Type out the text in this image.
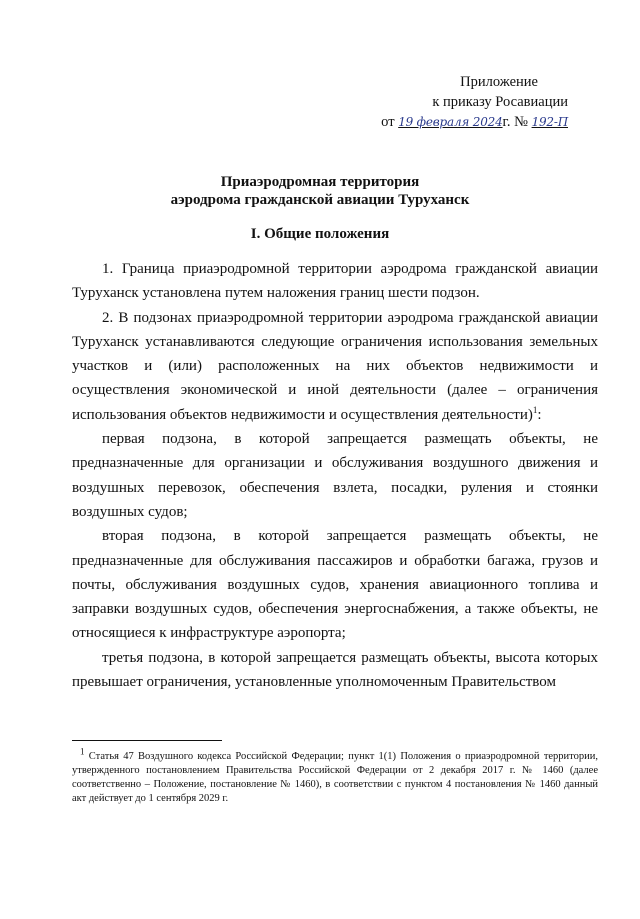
Приложение
к приказу Росавиации
от 19 февраля 2024г. № 192-П
Приаэродромная территория
аэродрома гражданской авиации Туруханск
I. Общие положения

1. Граница приаэродромной территории аэродрома гражданской авиации Туруханск установлена путем наложения границ шести подзон.

2. В подзонах приаэродромной территории аэродрома гражданской авиации Туруханск устанавливаются следующие ограничения использования земельных участков и (или) расположенных на них объектов недвижимости и осуществления экономической и иной деятельности (далее – ограничения использования объектов недвижимости и осуществления деятельности)$^1$:

первая подзона, в которой запрещается размещать объекты, не предназначенные для организации и обслуживания воздушного движения и воздушных перевозок, обеспечения взлета, посадки, руления и стоянки воздушных судов;

вторая подзона, в которой запрещается размещать объекты, не предназначенные для обслуживания пассажиров и обработки багажа, грузов и почты, обслуживания воздушных судов, хранения авиационного топлива и заправки воздушных судов, обеспечения энергоснабжения, а также объекты, не относящиеся к инфраструктуре аэропорта;

третья подзона, в которой запрещается размещать объекты, высота которых превышает ограничения, установленные уполномоченным Правительством

$^1$ Статья 47 Воздушного кодекса Российской Федерации; пункт 1(1) Положения о приаэродромной территории, утвержденного постановлением Правительства Российской Федерации от 2 декабря 2017 г. № 1460 (далее соответственно – Положение, постановление № 1460), в соответствии с пунктом 4 постановления № 1460 данный акт действует до 1 сентября 2029 г.
